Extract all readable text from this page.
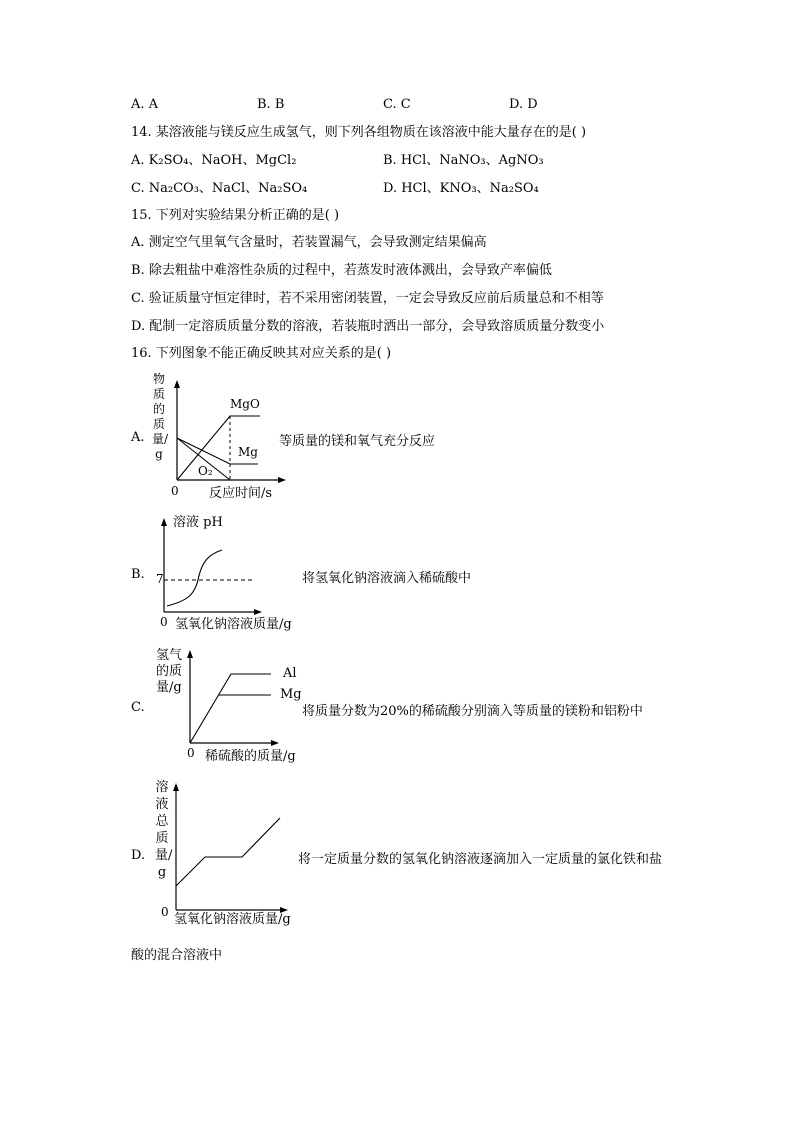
A. A	B. B	C. C	D. D
14. 某溶液能与镁反应生成氢气，则下列各组物质在该溶液中能大量存在的是( )
A. K₂SO₄、NaOH、MgCl₂	B. HCl、NaNO₃、AgNO₃
C. Na₂CO₃、NaCl、Na₂SO₄	D. HCl、KNO₃、Na₂SO₄
15. 下列对实验结果分析正确的是( )
A. 测定空气里氧气含量时，若装置漏气，会导致测定结果偏高
B. 除去粗盐中难溶性杂质的过程中，若蒸发时液体溅出，会导致产率偏低
C. 验证质量守恒定律时，若不采用密闭装置，一定会导致反应前后质量总和不相等
D. 配制一定溶质质量分数的溶液，若装瓶时洒出一部分，会导致溶质质量分数变小
16. 下列图象不能正确反映其对应关系的是( )
A.
物质的质量/g
MgO
Mg
O₂
0 反应时间/s
等质量的镁和氧气充分反应
B.
溶液 pH
7
0 氢氧化钠溶液质量/g
将氢氧化钠溶液滴入稀硫酸中
C.
氢气的质量/g
Al
Mg
0 稀硫酸的质量/g
将质量分数为20%的稀硫酸分别滴入等质量的镁粉和铝粉中
D.
溶液总质量/g
0 氢氧化钠溶液质量/g
将一定质量分数的氢氧化钠溶液逐滴加入一定质量的氯化铁和盐
酸的混合溶液中
